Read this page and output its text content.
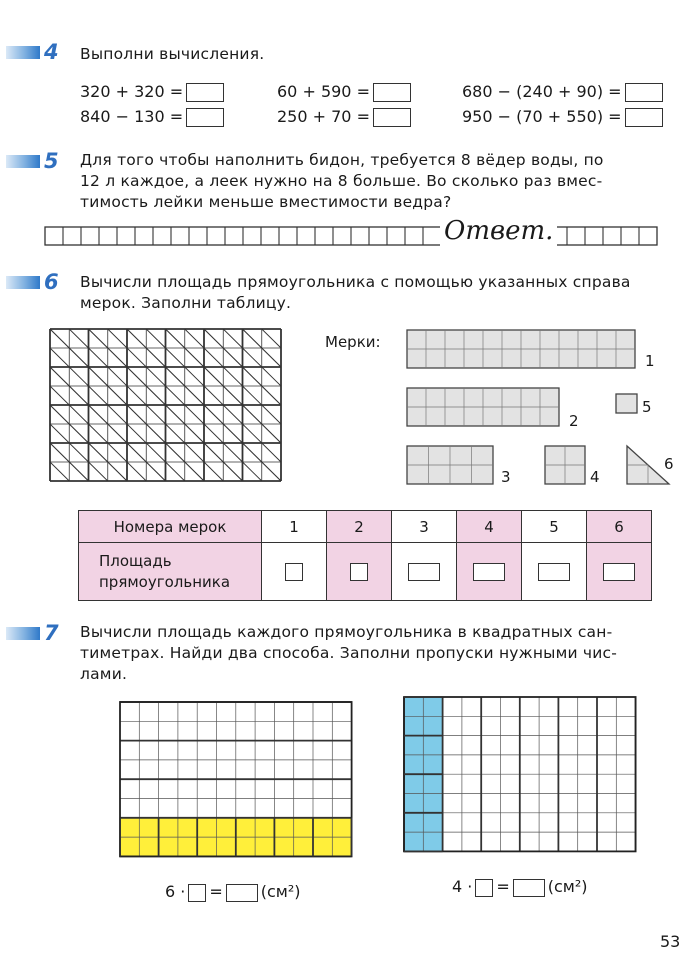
4 Выполни вычисления.
320 + 320 =
840 − 130 =
60 + 590 =
250 + 70 =
680 − (240 + 90) =
950 − (70 + 550) =
5 Для того чтобы наполнить бидон, требуется 8 вёдер воды, по
12 л каждое, а леек нужно на 8 больше. Во сколько раз вмес-
тимость лейки меньше вместимости ведра?
Ответ.
6 Вычисли площадь прямоугольника с помощью указанных справа
мерок. Заполни таблицу.
Мерки:
1
2
3	4
5
6
Номера мерок	1	2	3	4	5	6

Площадь
прямоугольника						

7 Вычисли площадь каждого прямоугольника в квадратных сан-
тиметрах. Найди два способа. Заполни пропуски нужными чис-
лами.
6 · = (см²)	4 · = (см²)
53
